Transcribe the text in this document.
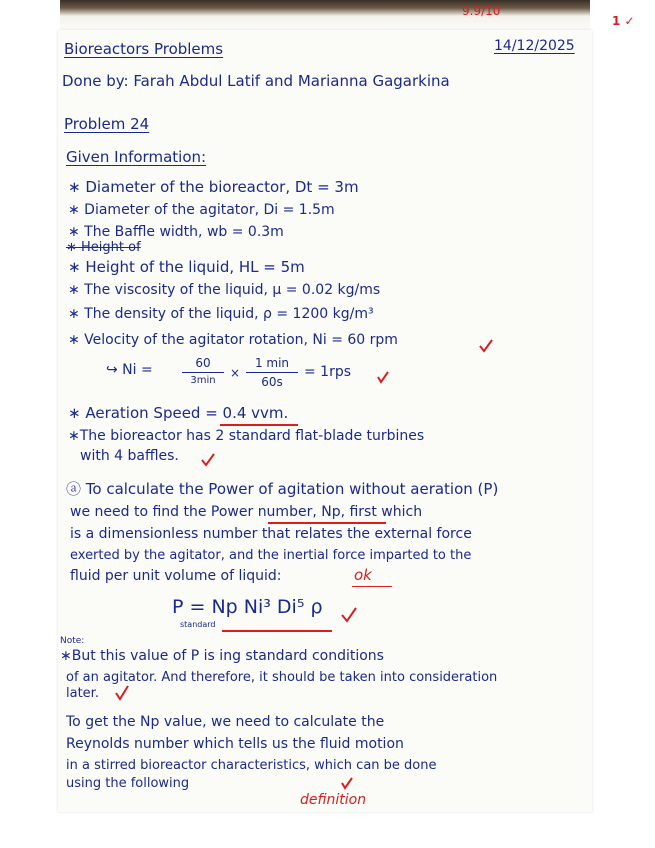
9.9/10
1 ✓
Bioreactors Problems	14/12/2025
Done by: Farah Abdul Latif and Marianna Gagarkina
Problem 24
Given Information:
∗ Diameter of the bioreactor, Dt = 3m
∗ Diameter of the agitator, Di = 1.5m
∗ The Baffle width, wb = 0.3m
∗ Height of
∗ Height of the liquid, HL = 5m
∗ The viscosity of the liquid, μ = 0.02 kg/ms
∗ The density of the liquid, ρ = 1200 kg/m³
∗ Velocity of the agitator rotation, Ni = 60 rpm
↪ Ni =	60
3min
×
1 min
60s
= 1rps
∗ Aeration Speed = 0.4 vvm.
∗The bioreactor has 2 standard flat-blade turbines
with 4 baffles.
ⓐ To calculate the Power of agitation without aeration (P)
we need to find the Power number, Np, first which
is a dimensionless number that relates the external force
exerted by the agitator, and the inertial force imparted to the
fluid per unit volume of liquid:	ok
P = Np Ni³ Di⁵ ρ
standard
Note:
∗But this value of P is ing standard conditions
of an agitator. And therefore, it should be taken into consideration
later.
To get the Np value, we need to calculate the
Reynolds number which tells us the fluid motion
in a stirred bioreactor characteristics, which can be done
using the following
definition
